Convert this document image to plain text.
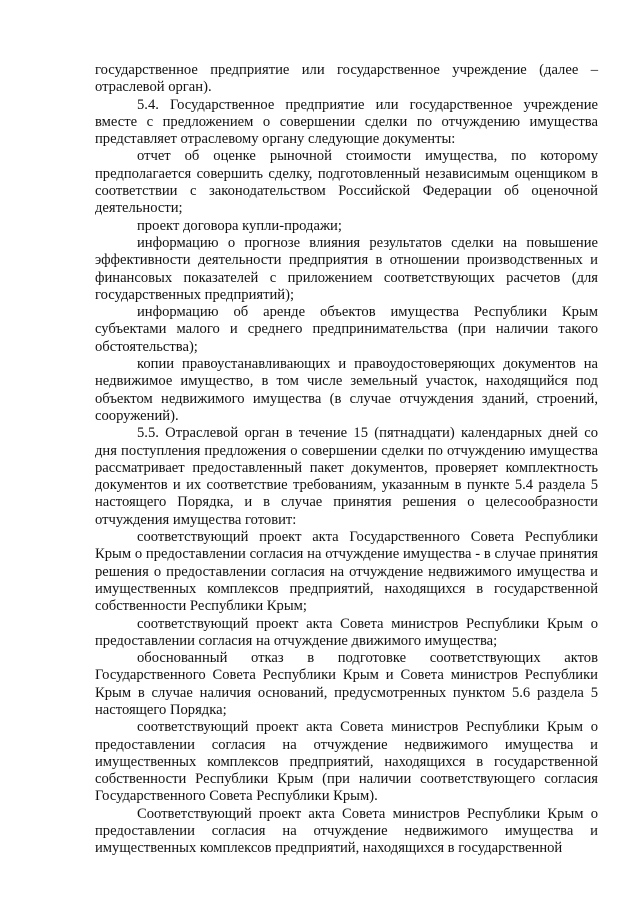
государственное предприятие или государственное учреждение (далее – отраслевой орган).

5.4. Государственное предприятие или государственное учреждение вместе с предложением о совершении сделки по отчуждению имущества представляет отраслевому органу следующие документы:

отчет об оценке рыночной стоимости имущества, по которому предполагается совершить сделку, подготовленный независимым оценщиком в соответствии с законодательством Российской Федерации об оценочной деятельности;

проект договора купли-продажи;

информацию о прогнозе влияния результатов сделки на повышение эффективности деятельности предприятия в отношении производственных и финансовых показателей с приложением соответствующих расчетов (для государственных предприятий);

информацию об аренде объектов имущества Республики Крым субъектами малого и среднего предпринимательства (при наличии такого обстоятельства);

копии правоустанавливающих и правоудостоверяющих документов на недвижимое имущество, в том числе земельный участок, находящийся под объектом недвижимого имущества (в случае отчуждения зданий, строений, сооружений).

5.5. Отраслевой орган в течение 15 (пятнадцати) календарных дней со дня поступления предложения о совершении сделки по отчуждению имущества рассматривает предоставленный пакет документов, проверяет комплектность документов и их соответствие требованиям, указанным в пункте 5.4 раздела 5 настоящего Порядка, и в случае принятия решения о целесообразности отчуждения имущества готовит:

соответствующий проект акта Государственного Совета Республики Крым о предоставлении согласия на отчуждение имущества - в случае принятия решения о предоставлении согласия на отчуждение недвижимого имущества и имущественных комплексов предприятий, находящихся в государственной собственности Республики Крым;

соответствующий проект акта Совета министров Республики Крым о предоставлении согласия на отчуждение движимого имущества;

обоснованный отказ в подготовке соответствующих актов Государственного Совета Республики Крым и Совета министров Республики Крым в случае наличия оснований, предусмотренных пунктом 5.6 раздела 5 настоящего Порядка;

соответствующий проект акта Совета министров Республики Крым о предоставлении согласия на отчуждение недвижимого имущества и имущественных комплексов предприятий, находящихся в государственной собственности Республики Крым (при наличии соответствующего согласия Государственного Совета Республики Крым).

Соответствующий проект акта Совета министров Республики Крым о предоставлении согласия на отчуждение недвижимого имущества и имущественных комплексов предприятий, находящихся в государственной
